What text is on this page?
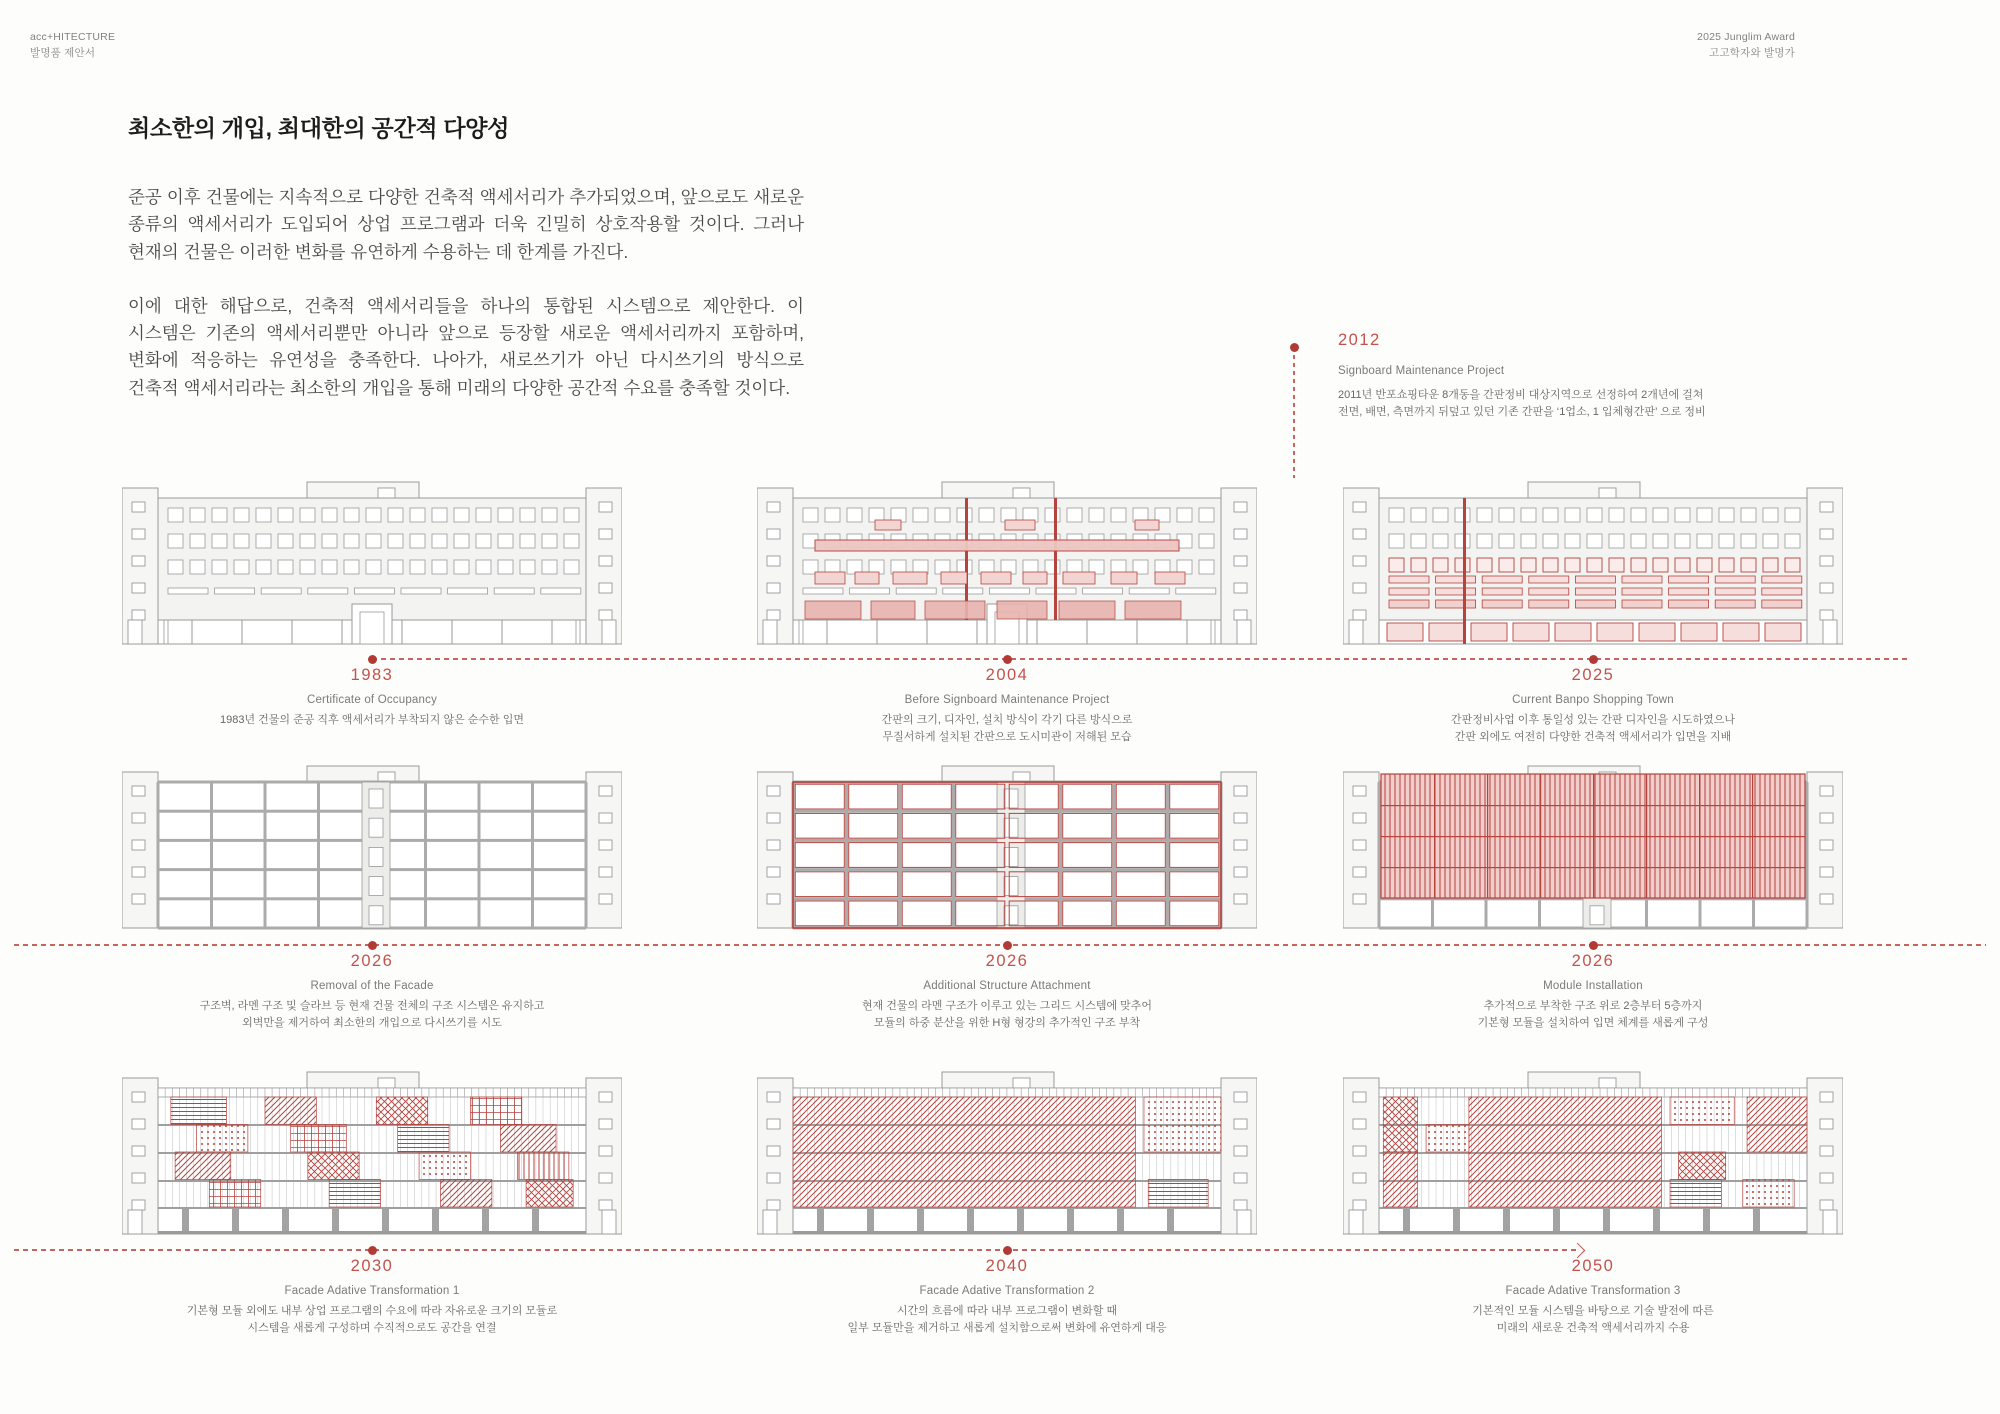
acc+HITECTURE
발명품 제안서
2025 Junglim Award
고고학자와 발명가
최소한의 개입, 최대한의 공간적 다양성
준공 이후 건물에는 지속적으로 다양한 건축적 액세서리가 추가되었으며, 앞으로도 새로운 종류의 액세서리가 도입되어 상업 프로그램과 더욱 긴밀히 상호작용할 것이다. 그러나 현재의 건물은 이러한 변화를 유연하게 수용하는 데 한계를 가진다.
이에 대한 해답으로, 건축적 액세서리들을 하나의 통합된 시스템으로 제안한다. 이 시스템은 기존의 액세서리뿐만 아니라 앞으로 등장할 새로운 액세서리까지 포함하며, 변화에 적응하는 유연성을 충족한다. 나아가, 새로쓰기가 아닌 다시쓰기의 방식으로 건축적 액세서리라는 최소한의 개입을 통해 미래의 다양한 공간적 수요를 충족할 것이다.
2012
Signboard Maintenance Project
2011년 반포쇼핑타운 8개동을 간판정비 대상지역으로 선정하여 2개년에 걸쳐
전면, 배면, 측면까지 뒤덮고 있던 기존 간판을 ‘1업소, 1 입체형간판’ 으로 정비
1983
Certificate of Occupancy
1983년 건물의 준공 직후 액세서리가 부착되지 않은 순수한 입면
2004
Before Signboard Maintenance Project
간판의 크기, 디자인, 설치 방식이 각기 다른 방식으로
무질서하게 설치된 간판으로 도시미관이 저해된 모습
2025
Current Banpo Shopping Town
간판정비사업 이후 통일성 있는 간판 디자인을 시도하였으나
간판 외에도 여전히 다양한 건축적 액세서리가 입면을 지배
2026
Removal of the Facade
구조벽, 라멘 구조 및 슬라브 등 현재 건물 전체의 구조 시스템은 유지하고
외벽만을 제거하여 최소한의 개입으로 다시쓰기를 시도
2026
Additional Structure Attachment
현재 건물의 라멘 구조가 이루고 있는 그리드 시스템에 맞추어
모듈의 하중 분산을 위한 H형 형강의 추가적인 구조 부착
2026
Module Installation
추가적으로 부착한 구조 위로 2층부터 5층까지
기본형 모듈을 설치하여 입면 체계를 새롭게 구성
2030
Facade Adative Transformation 1
기본형 모듈 외에도 내부 상업 프로그램의 수요에 따라 자유로운 크기의 모듈로
시스템을 새롭게 구성하며 수직적으로도 공간을 연결
2040
Facade Adative Transformation 2
시간의 흐름에 따라 내부 프로그램이 변화할 때
일부 모듈만을 제거하고 새롭게 설치함으로써 변화에 유연하게 대응
2050
Facade Adative Transformation 3
기본적인 모듈 시스템을 바탕으로 기술 발전에 따른
미래의 새로운 건축적 액세서리까지 수용
